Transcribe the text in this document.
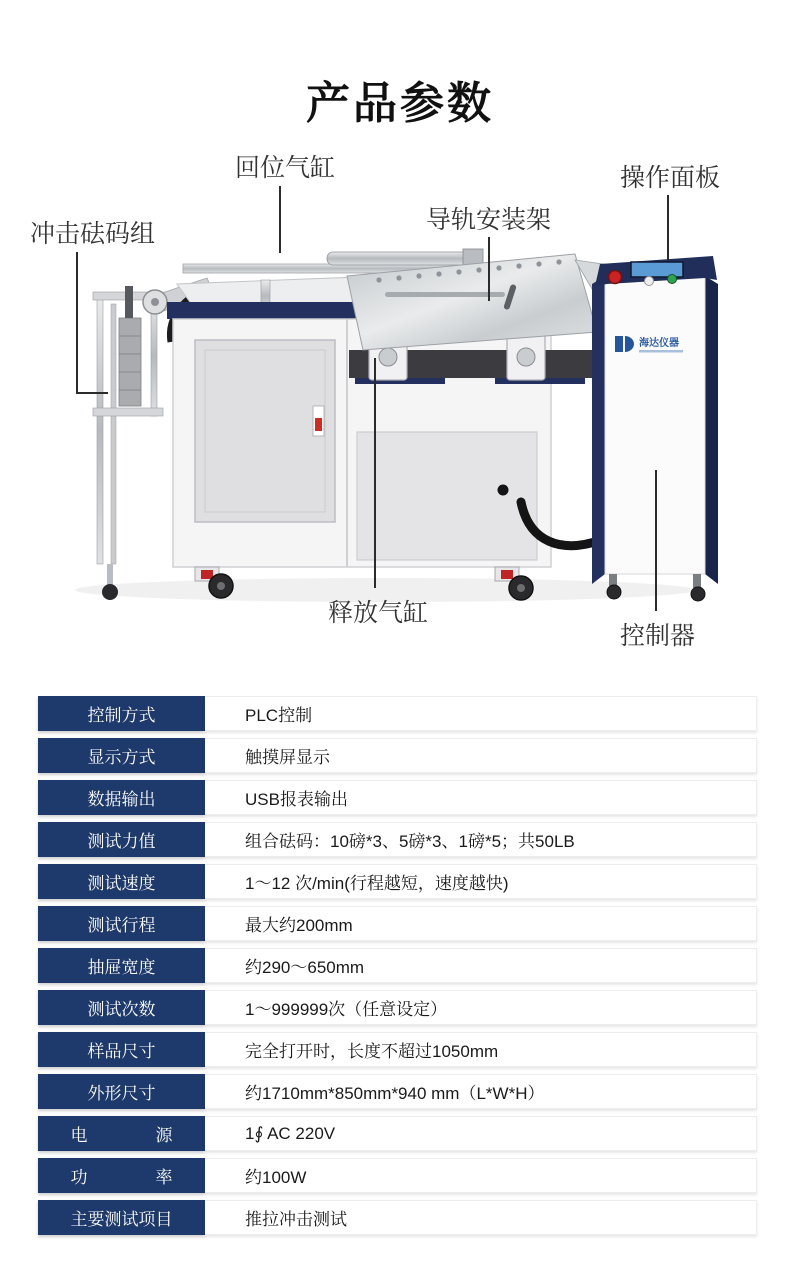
产品参数
海达仪器
冲击砝码组
回位气缸
导轨安装架
操作面板
释放气缸
控制器
控制方式	PLC控制
显示方式	触摸屏显示
数据输出	USB报表输出
测试力值	组合砝码：10磅*3、5磅*3、1磅*5；共50LB
测试速度	1～12 次/min(行程越短，速度越快)
测试行程	最大约200mm
抽屉宽度	约290～650mm
测试次数	1～999999次（任意设定）
样品尺寸	完全打开时，长度不超过1050mm
外形尺寸	约1710mm*850mm*940 mm（L*W*H）
电　　　　源	1∮ AC 220V
功　　　　率	约100W
主要测试项目	推拉冲击测试
